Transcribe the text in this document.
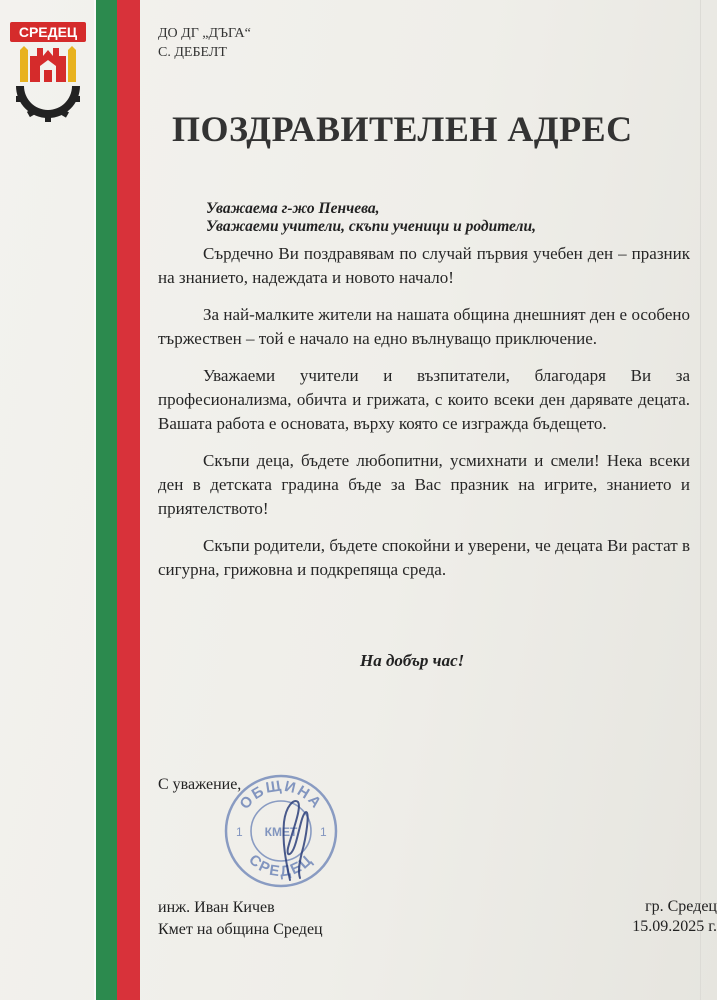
СРЕДЕЦ	ДО ДГ „ДЪГА“
С. ДЕБЕЛТ
ПОЗДРАВИТЕЛЕН АДРЕС
Уважаема г-жо Пенчева,
Уважаеми учители, скъпи ученици и родители,

Сърдечно Ви поздравявам по случай първия учебен ден – празник на знанието, надеждата и новото начало!

За най-малките жители на нашата община днешният ден е особено тържествен – той е начало на едно вълнуващо приключение.

Уважаеми учители и възпитатели, благодаря Ви за професионализма, обичта и грижата, с които всеки ден дарявате децата. Вашата работа е основата, върху която се изгражда бъдещето.

Скъпи деца, бъдете любопитни, усмихнати и смели! Нека всеки ден в детската градина бъде за Вас празник на игрите, знанието и приятелството!

Скъпи родители, бъдете спокойни и уверени, че децата Ви растат в сигурна, грижовна и подкрепяща среда.

На добър час!
С уважение,
ОБЩИНА
СРЕДЕЦ
КМЕТ
1	1
инж. Иван Кичев
Кмет на община Средец
гр. Средец
15.09.2025 г.
